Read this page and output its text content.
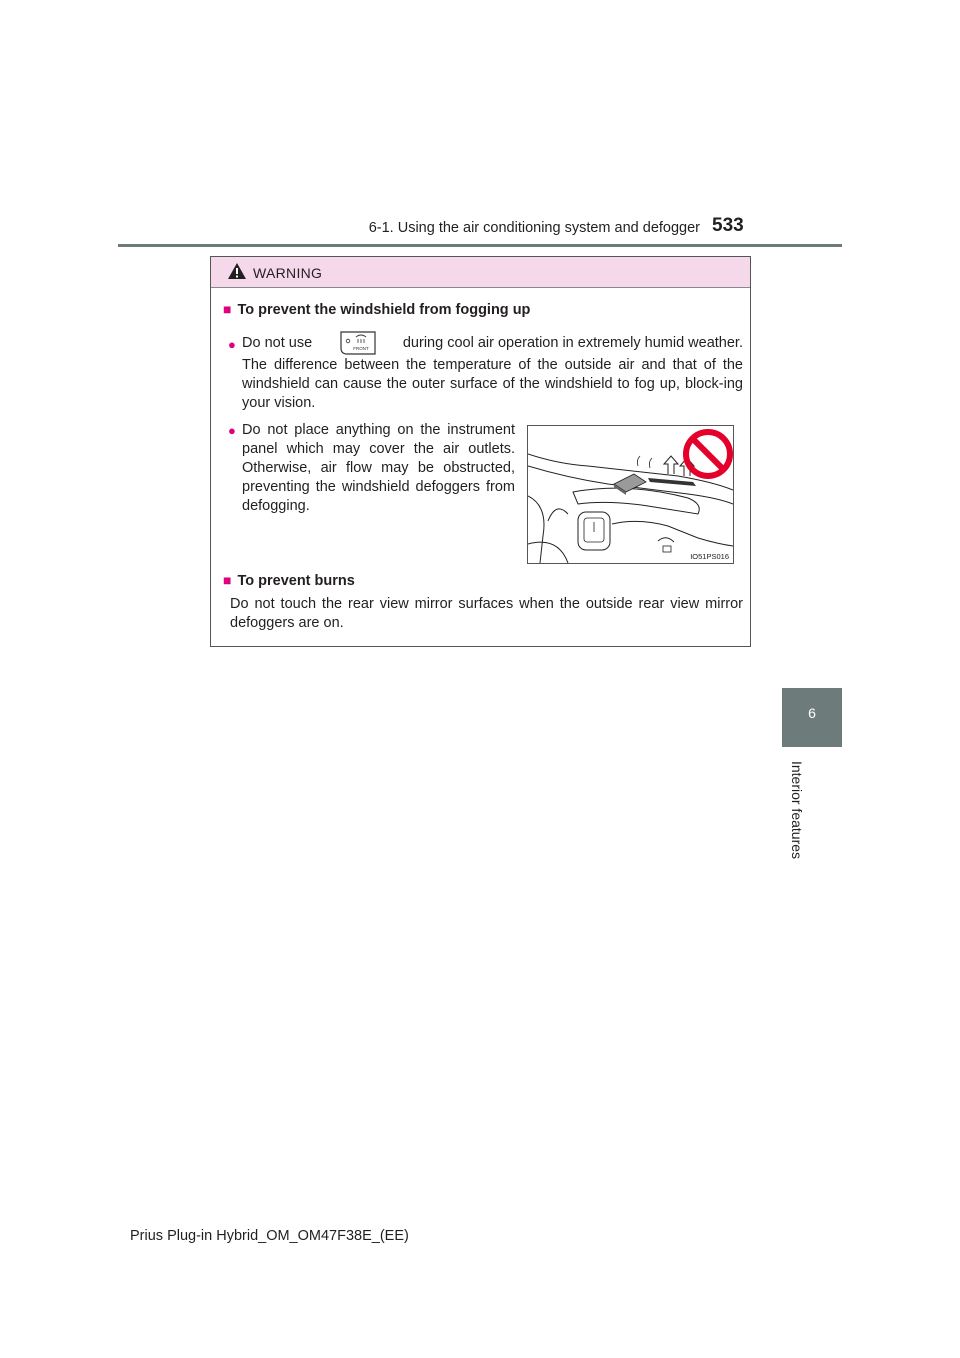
6-1. Using the air conditioning system and defogger 533
6
Interior features
WARNING
■ To prevent the windshield from fogging up
● Do not use	FRONT during cool air operation in extremely humid weather.
The difference between the temperature of the outside air and that of the windshield can cause the outer surface of the windshield to fog up, block-ing your vision.
● Do not place anything on the instrument panel which may cover the air outlets. Otherwise, air flow may be obstructed, preventing the windshield defoggers from defogging.
IO51PS016
■ To prevent burns
Do not touch the rear view mirror surfaces when the outside rear view mirror defoggers are on.
Prius Plug-in Hybrid_OM_OM47F38E_(EE)
